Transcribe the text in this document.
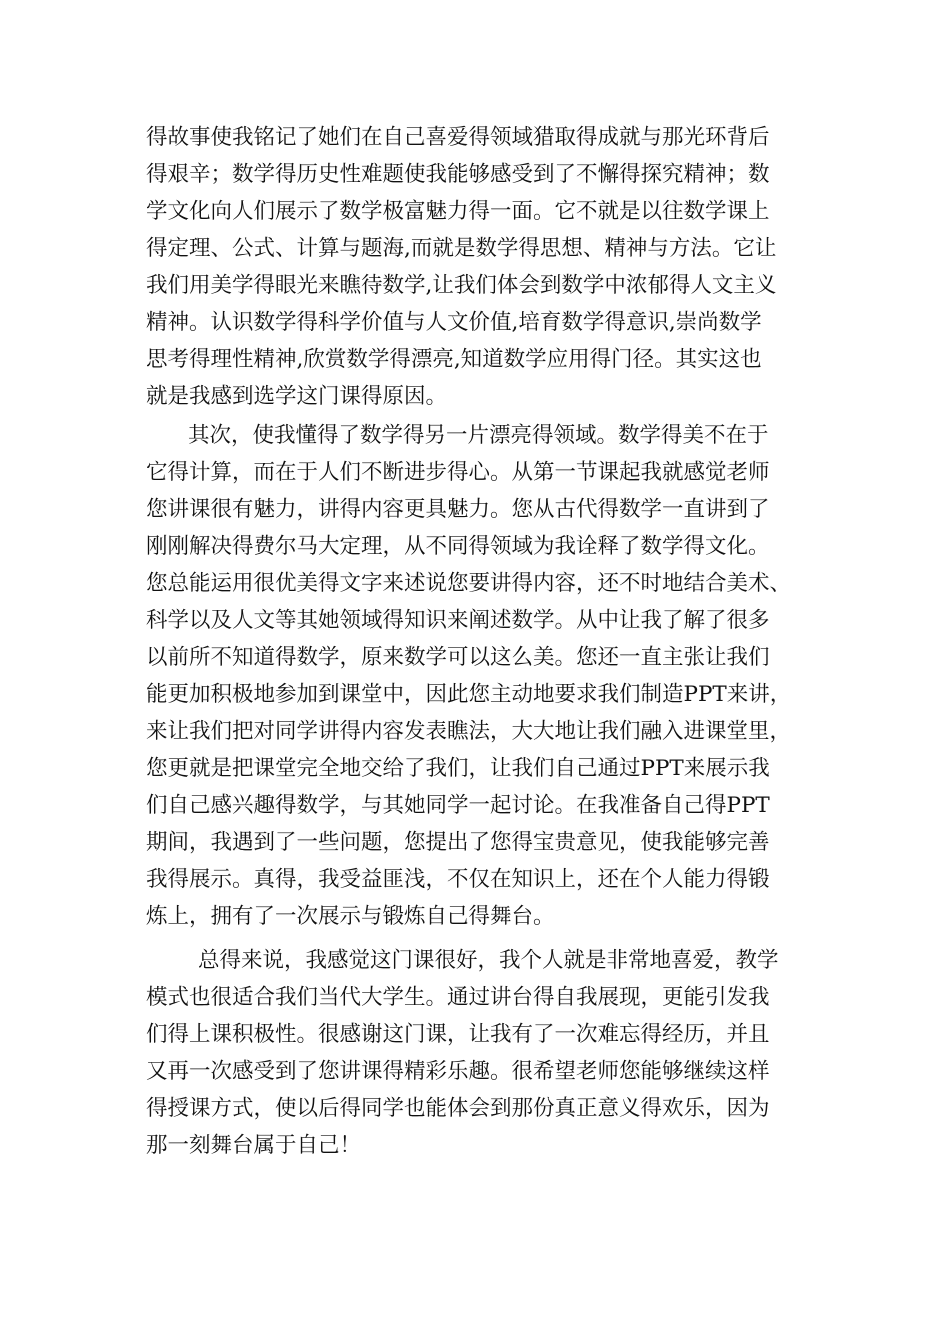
得故事使我铭记了她们在自己喜爱得领域猎取得成就与那光环背后

得艰辛；数学得历史性难题使我能够感受到了不懈得探究精神；数

学文化向人们展示了数学极富魅力得一面。它不就是以往数学课上

得定理、公式、计算与题海,而就是数学得思想、精神与方法。它让

我们用美学得眼光来瞧待数学,让我们体会到数学中浓郁得人文主义

精神。认识数学得科学价值与人文价值,培育数学得意识,崇尚数学

思考得理性精神,欣赏数学得漂亮,知道数学应用得门径。其实这也

就是我感到选学这门课得原因。

其次，使我懂得了数学得另一片漂亮得领域。数学得美不在于

它得计算，而在于人们不断进步得心。从第一节课起我就感觉老师

您讲课很有魅力，讲得内容更具魅力。您从古代得数学一直讲到了

刚刚解决得费尔马大定理，从不同得领域为我诠释了数学得文化。

您总能运用很优美得文字来述说您要讲得内容，还不时地结合美术、

科学以及人文等其她领域得知识来阐述数学。从中让我了解了很多

以前所不知道得数学，原来数学可以这么美。您还一直主张让我们

能更加积极地参加到课堂中，因此您主动地要求我们制造PPT来讲，

来让我们把对同学讲得内容发表瞧法，大大地让我们融入进课堂里，

您更就是把课堂完全地交给了我们，让我们自己通过PPT来展示我

们自己感兴趣得数学，与其她同学一起讨论。在我准备自己得PPT

期间，我遇到了一些问题，您提出了您得宝贵意见，使我能够完善

我得展示。真得，我受益匪浅，不仅在知识上，还在个人能力得锻

炼上，拥有了一次展示与锻炼自己得舞台。

总得来说，我感觉这门课很好，我个人就是非常地喜爱，教学

模式也很适合我们当代大学生。通过讲台得自我展现，更能引发我

们得上课积极性。很感谢这门课，让我有了一次难忘得经历，并且

又再一次感受到了您讲课得精彩乐趣。很希望老师您能够继续这样

得授课方式，使以后得同学也能体会到那份真正意义得欢乐，因为

那一刻舞台属于自己！
